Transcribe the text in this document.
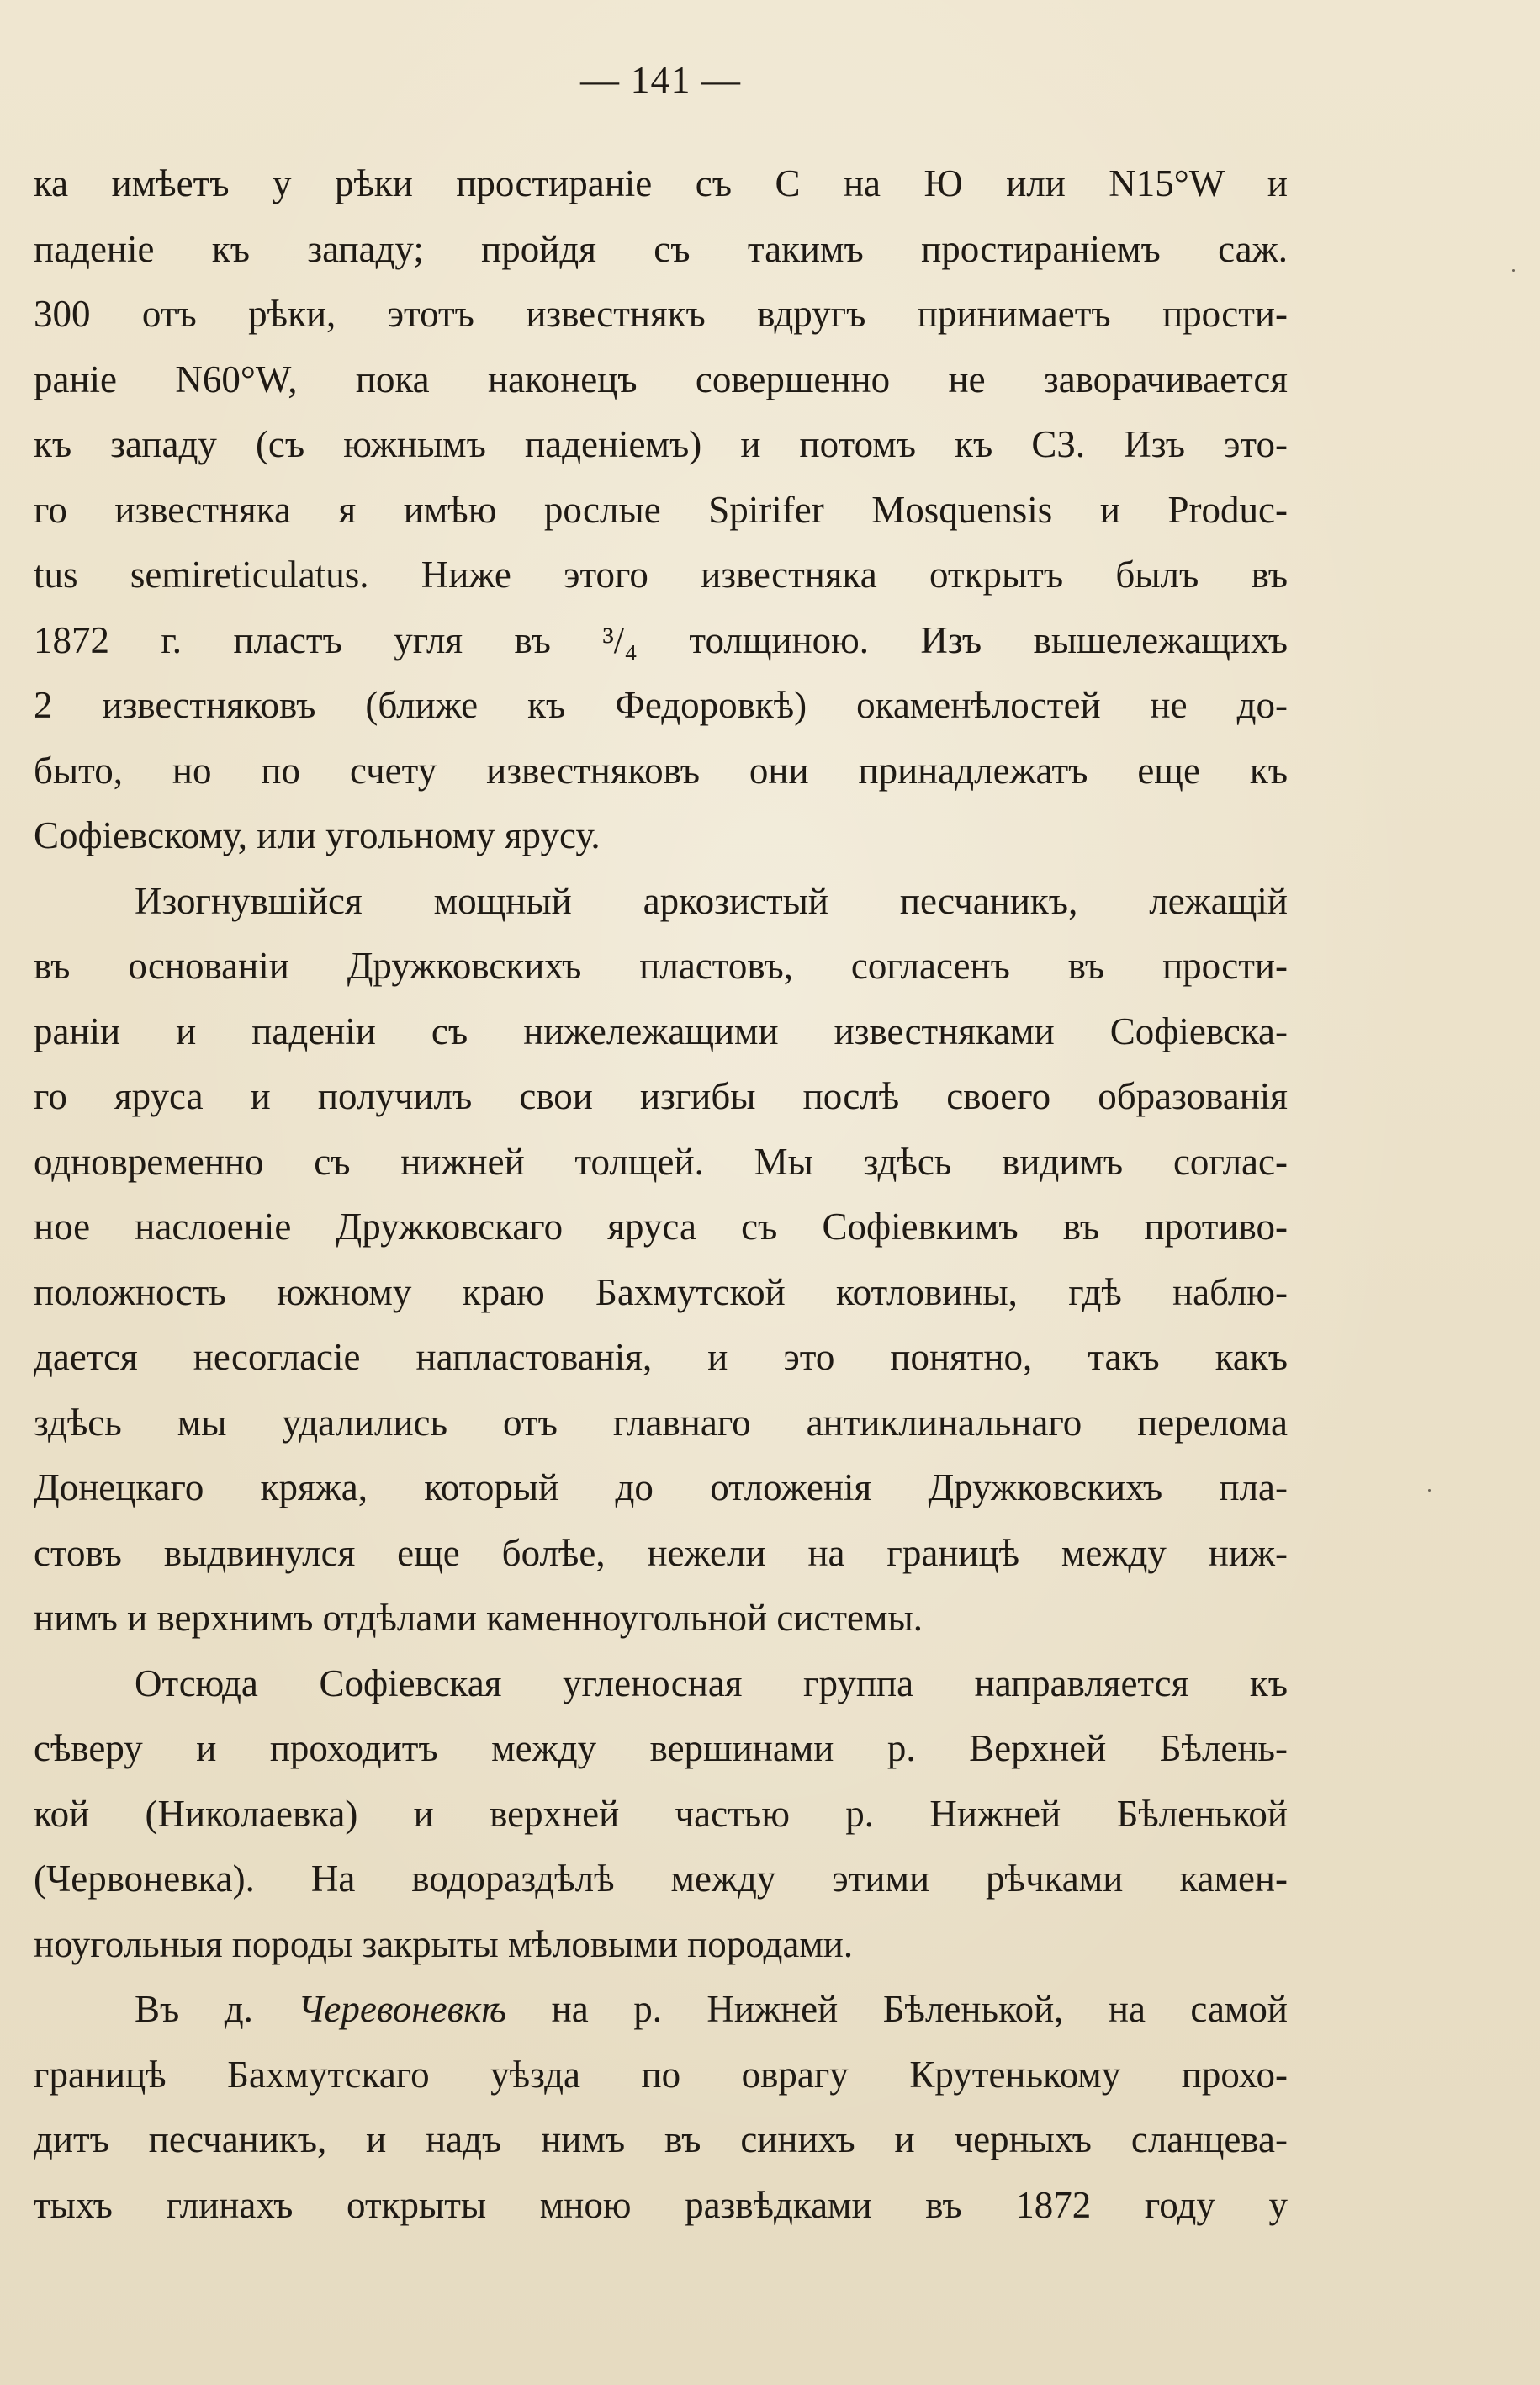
— 141 —
ка имѣетъ у рѣки простираніе съ С на Ю или N15°W и
паденіе къ западу; пройдя съ такимъ простираніемъ саж.
300 отъ рѣки, этотъ известнякъ вдругъ принимаетъ прости-
раніе N60°W, пока наконецъ совершенно не заворачивается
къ западу (съ южнымъ паденіемъ) и потомъ къ СЗ. Изъ это-
го известняка я имѣю рослые Spirifer Mosquensis и Produc-
tus semireticulatus. Ниже этого известняка открытъ былъ въ
1872 г. пластъ угля въ ³/₄ толщиною. Изъ вышележащихъ
2 известняковъ (ближе къ Федоровкѣ) окаменѣлостей не до-
быто, но по счету известняковъ они принадлежатъ еще къ
Софіевскому, или угольному ярусу.
Изогнувшійся мощный аркозистый песчаникъ, лежащій
въ основаніи Дружковскихъ пластовъ, согласенъ въ прости-
раніи и паденіи съ нижележащими известняками Софіевска-
го яруса и получилъ свои изгибы послѣ своего образованія
одновременно съ нижней толщей. Мы здѣсь видимъ соглас-
ное наслоеніе Дружковскаго яруса съ Софіевкимъ въ противо-
положность южному краю Бахмутской котловины, гдѣ наблю-
дается несогласіе напластованія, и это понятно, такъ какъ
здѣсь мы удалились отъ главнаго антиклинальнаго перелома
Донецкаго кряжа, который до отложенія Дружковскихъ пла-
стовъ выдвинулся еще болѣе, нежели на границѣ между ниж-
нимъ и верхнимъ отдѣлами каменноугольной системы.
Отсюда Софіевская угленосная группа направляется къ
сѣверу и проходитъ между вершинами р. Верхней Бѣлень-
кой (Николаевка) и верхней частью р. Нижней Бѣленькой
(Червоневка). На водораздѣлѣ между этими рѣчками камен-
ноугольныя породы закрыты мѣловыми породами.
Въ д. Черевоневкѣ на р. Нижней Бѣленькой, на самой
границѣ Бахмутскаго уѣзда по оврагу Крутенькому прохо-
дитъ песчаникъ, и надъ нимъ въ синихъ и черныхъ сланцева-
тыхъ глинахъ открыты мною развѣдками въ 1872 году у
